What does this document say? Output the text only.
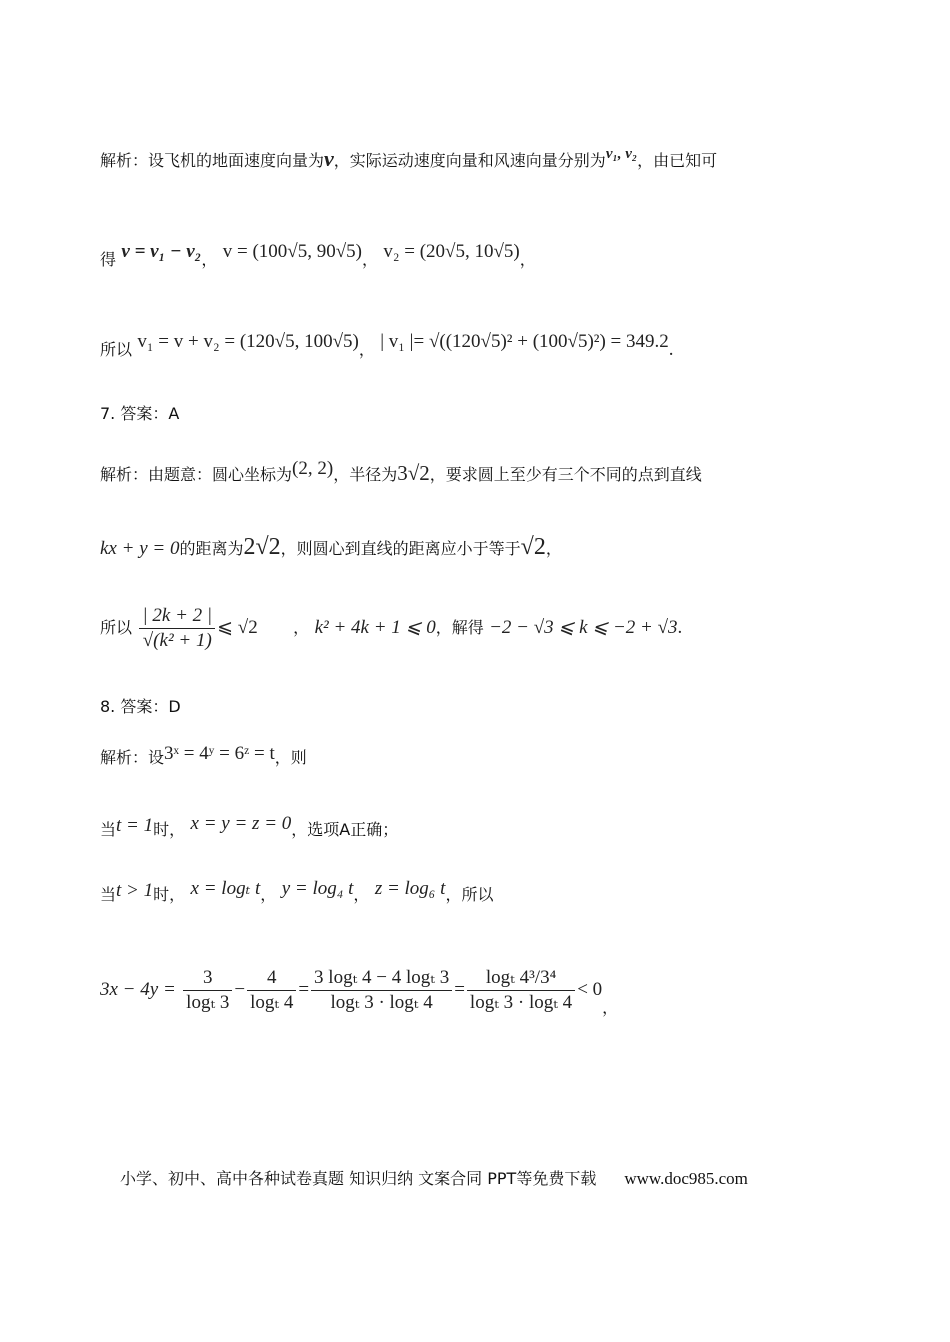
解析：设飞机的地面速度向量为v，实际运动速度向量和风速向量分别为v₁, v₂，由已知可
得 v = v₁ − v₂， v = (100√5, 90√5)， v₂ = (20√5, 10√5)，
所以 v₁ = v + v₂ = (120√5, 100√5)， | v₁ |= √((120√5)² + (100√5)²) = 349.2.
7. 答案：A
解析：由题意：圆心坐标为(2, 2)，半径为3√2，要求圆上至少有三个不同的点到直线
kx + y = 0的距离为2√2，则圆心到直线的距离应小于等于√2，
所以 $\frac{| 2k + 2 |}{\text{√(k² + 1)}}$ ⩽ √2 ， k² + 4k + 1 ⩽ 0，解得 −2 − √3 ⩽ k ⩽ −2 + √3.
8. 答案：D
解析：设3ˣ = 4ʸ = 6ᶻ = t，则
当t = 1时， x = y = z = 0，选项A正确；
当t > 1时， x = logₜ t， y = log₄ t， z = log₆ t，所以
$3x - 4y = \frac{3}{\text{logₜ 3}} - \frac{4}{\text{logₜ 4}} = \frac{\text{3 logₜ 4 − 4 logₜ 3}}{\text{logₜ 3 · logₜ 4}} = \frac{\text{logₜ 4³/3⁴}}{\text{logₜ 3 · logₜ 4}} < 0$，
小学、初中、高中各种试卷真题 知识归纳 文案合同 PPT等免费下载 www.doc985.com
